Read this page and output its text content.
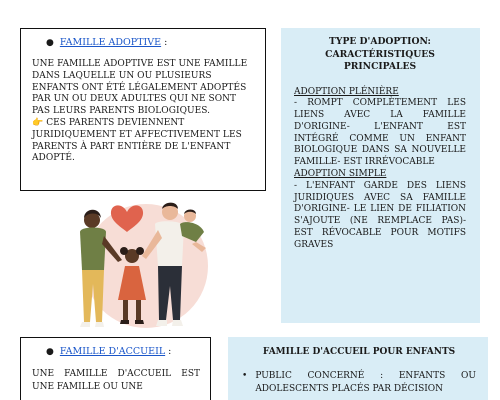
● FAMILLE ADOPTIVE :
UNE FAMILLE ADOPTIVE EST UNE FAMILLE DANS LAQUELLE UN OU PLUSIEURS ENFANTS ONT ÉTÉ LÉGALEMENT ADOPTÉS PAR UN OU DEUX ADULTES QUI NE SONT PAS LEURS PARENTS BIOLOGIQUES.
👉 CES PARENTS DEVIENNENT JURIDIQUEMENT ET AFFECTIVEMENT LES PARENTS À PART ENTIÈRE DE L'ENFANT ADOPTÉ.
TYPE D'ADOPTION: CARACTÉRISTIQUES PRINCIPALES
ADOPTION PLÉNIÈRE
- ROMPT COMPLÈTEMENT LES LIENS AVEC LA FAMILLE D'ORIGINE- L'ENFANT EST INTÉGRÉ COMME UN ENFANT BIOLOGIQUE DANS SA NOUVELLE FAMILLE- EST IRRÉVOCABLE
ADOPTION SIMPLE
- L'ENFANT GARDE DES LIENS JURIDIQUES AVEC SA FAMILLE D'ORIGINE- LE LIEN DE FILIATION S'AJOUTE (NE REMPLACE PAS)- EST RÉVOCABLE POUR MOTIFS GRAVES
● FAMILLE D'ACCUEIL :
UNE FAMILLE D'ACCUEIL EST UNE FAMILLE OU UNE
FAMILLE D'ACCUEIL POUR ENFANTS
• PUBLIC CONCERNÉ : ENFANTS OU ADOLESCENTS PLACÉS PAR DÉCISION
